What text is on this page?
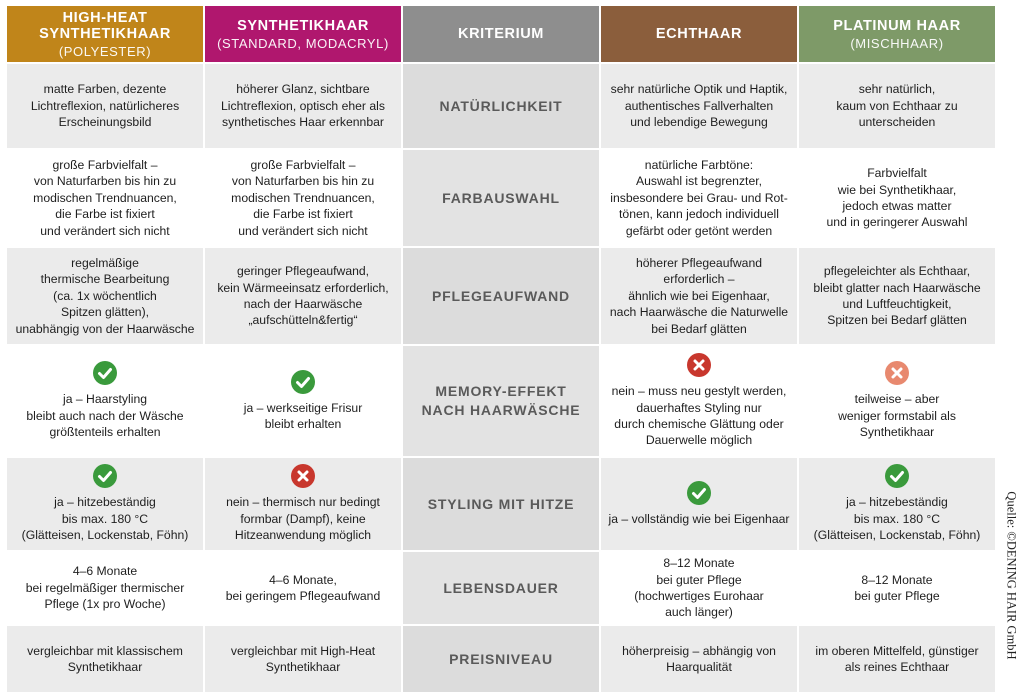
HIGH-HEAT SYNTHETIKHAAR
(POLYESTER)
SYNTHETIKHAAR
(STANDARD, MODACRYL)
KRITERIUM	ECHTHAAR
PLATINUM HAAR
(MISCHHAAR)
matte Farben, dezente
Lichtreflexion, natürlicheres
Erscheinungsbild
höherer Glanz, sichtbare
Lichtreflexion, optisch eher als
synthetisches Haar erkennbar
NATÜRLICHKEIT
sehr natürliche Optik und Haptik,
authentisches Fallverhalten
und lebendige Bewegung
sehr natürlich,
kaum von Echthaar zu
unterscheiden
große Farbvielfalt –
von Naturfarben bis hin zu
modischen Trendnuancen,
die Farbe ist fixiert
und verändert sich nicht
große Farbvielfalt –
von Naturfarben bis hin zu
modischen Trendnuancen,
die Farbe ist fixiert
und verändert sich nicht
FARBAUSWAHL
natürliche Farbtöne:
Auswahl ist begrenzter,
insbesondere bei Grau- und Rot-
tönen, kann jedoch individuell
gefärbt oder getönt werden
Farbvielfalt
wie bei Synthetikhaar,
jedoch etwas matter
und in geringerer Auswahl
regelmäßige
thermische Bearbeitung
(ca. 1x wöchentlich
Spitzen glätten),
unabhängig von der Haarwäsche
geringer Pflegeaufwand,
kein Wärmeeinsatz erforderlich,
nach der Haarwäsche
„aufschütteln&fertig“
PFLEGEAUFWAND
höherer Pflegeaufwand
erforderlich –
ähnlich wie bei Eigenhaar,
nach Haarwäsche die Naturwelle
bei Bedarf glätten
pflegeleichter als Echthaar,
bleibt glatter nach Haarwäsche
und Luftfeuchtigkeit,
Spitzen bei Bedarf glätten
ja – Haarstyling
bleibt auch nach der Wäsche
größtenteils erhalten
ja – werkseitige Frisur
bleibt erhalten
MEMORY-EFFEKT
NACH HAARWÄSCHE
nein – muss neu gestylt werden,
dauerhaftes Styling nur
durch chemische Glättung oder
Dauerwelle möglich
teilweise – aber
weniger formstabil als
Synthetikhaar
ja – hitzebeständig
bis max. 180 °C
(Glätteisen, Lockenstab, Föhn)
nein – thermisch nur bedingt
formbar (Dampf), keine
Hitzeanwendung möglich
STYLING MIT HITZE
ja – vollständig wie bei Eigenhaar
ja – hitzebeständig
bis max. 180 °C
(Glätteisen, Lockenstab, Föhn)
4–6 Monate
bei regelmäßiger thermischer
Pflege (1x pro Woche)
4–6 Monate,
bei geringem Pflegeaufwand
LEBENSDAUER
8–12 Monate
bei guter Pflege
(hochwertiges Eurohaar
auch länger)
8–12 Monate
bei guter Pflege
vergleichbar mit klassischem
Synthetikhaar
vergleichbar mit High-Heat
Synthetikhaar
PREISNIVEAU
höherpreisig – abhängig von
Haarqualität
im oberen Mittelfeld, günstiger
als reines Echthaar
Quelle: ©DENING HAIR GmbH
